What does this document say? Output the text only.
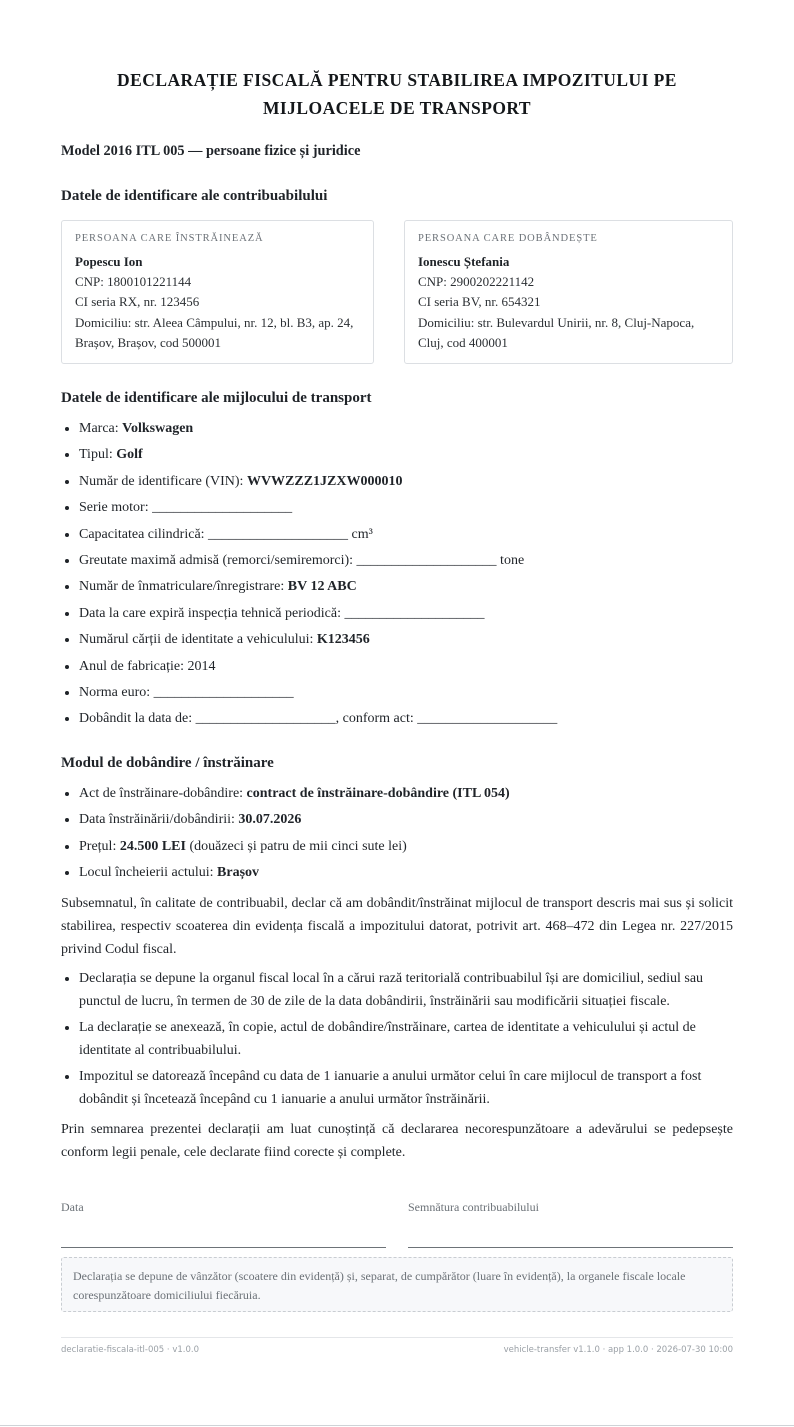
DECLARAȚIE FISCALĂ PENTRU STABILIREA IMPOZITULUI PE MIJLOACELE DE TRANSPORT
Model 2016 ITL 005 — persoane fizice și juridice
Datele de identificare ale contribuabilului
PERSOANA CARE ÎNSTRĂINEAZĂ
Popescu Ion
CNP: 1800101221144
CI seria RX, nr. 123456
Domiciliu: str. Aleea Câmpului, nr. 12, bl. B3, ap. 24, Brașov, Brașov, cod 500001
PERSOANA CARE DOBÂNDEȘTE
Ionescu Ștefania
CNP: 2900202221142
CI seria BV, nr. 654321
Domiciliu: str. Bulevardul Unirii, nr. 8, Cluj-Napoca, Cluj, cod 400001
Datele de identificare ale mijlocului de transport
• Marca: Volkswagen
• Tipul: Golf
• Număr de identificare (VIN): WVWZZZ1JZXW000010
• Serie motor: ____________________
• Capacitatea cilindrică: ____________________ cm³
• Greutate maximă admisă (remorci/semiremorci): ____________________ tone
• Număr de înmatriculare/înregistrare: BV 12 ABC
• Data la care expiră inspecția tehnică periodică: ____________________
• Numărul cărții de identitate a vehiculului: K123456
• Anul de fabricație: 2014
• Norma euro: ____________________
• Dobândit la data de: ____________________, conform act: ____________________
Modul de dobândire / înstrăinare
• Act de înstrăinare-dobândire: contract de înstrăinare-dobândire (ITL 054)
• Data înstrăinării/dobândirii: 30.07.2026
• Prețul: 24.500 LEI (douăzeci și patru de mii cinci sute lei)
• Locul încheierii actului: Brașov
Subsemnatul, în calitate de contribuabil, declar că am dobândit/înstrăinat mijlocul de transport descris mai sus și solicit stabilirea, respectiv scoaterea din evidența fiscală a impozitului datorat, potrivit art. 468–472 din Legea nr. 227/2015 privind Codul fiscal.
• Declarația se depune la organul fiscal local în a cărui rază teritorială contribuabilul își are domiciliul, sediul sau punctul de lucru, în termen de 30 de zile de la data dobândirii, înstrăinării sau modificării situației fiscale.
• La declarație se anexează, în copie, actul de dobândire/înstrăinare, cartea de identitate a vehiculului și actul de identitate al contribuabilului.
• Impozitul se datorează începând cu data de 1 ianuarie a anului următor celui în care mijlocul de transport a fost dobândit și încetează începând cu 1 ianuarie a anului următor înstrăinării.
Prin semnarea prezentei declarații am luat cunoștință că declararea necorespunzătoare a adevărului se pedepsește conform legii penale, cele declarate fiind corecte și complete.
Data	Semnătura contribuabilului
Declarația se depune de vânzător (scoatere din evidență) și, separat, de cumpărător (luare în evidență), la organele fiscale locale corespunzătoare domiciliului fiecăruia.
declaratie-fiscala-itl-005 · v1.0.0	vehicle-transfer v1.1.0 · app 1.0.0 · 2026-07-30 10:00
